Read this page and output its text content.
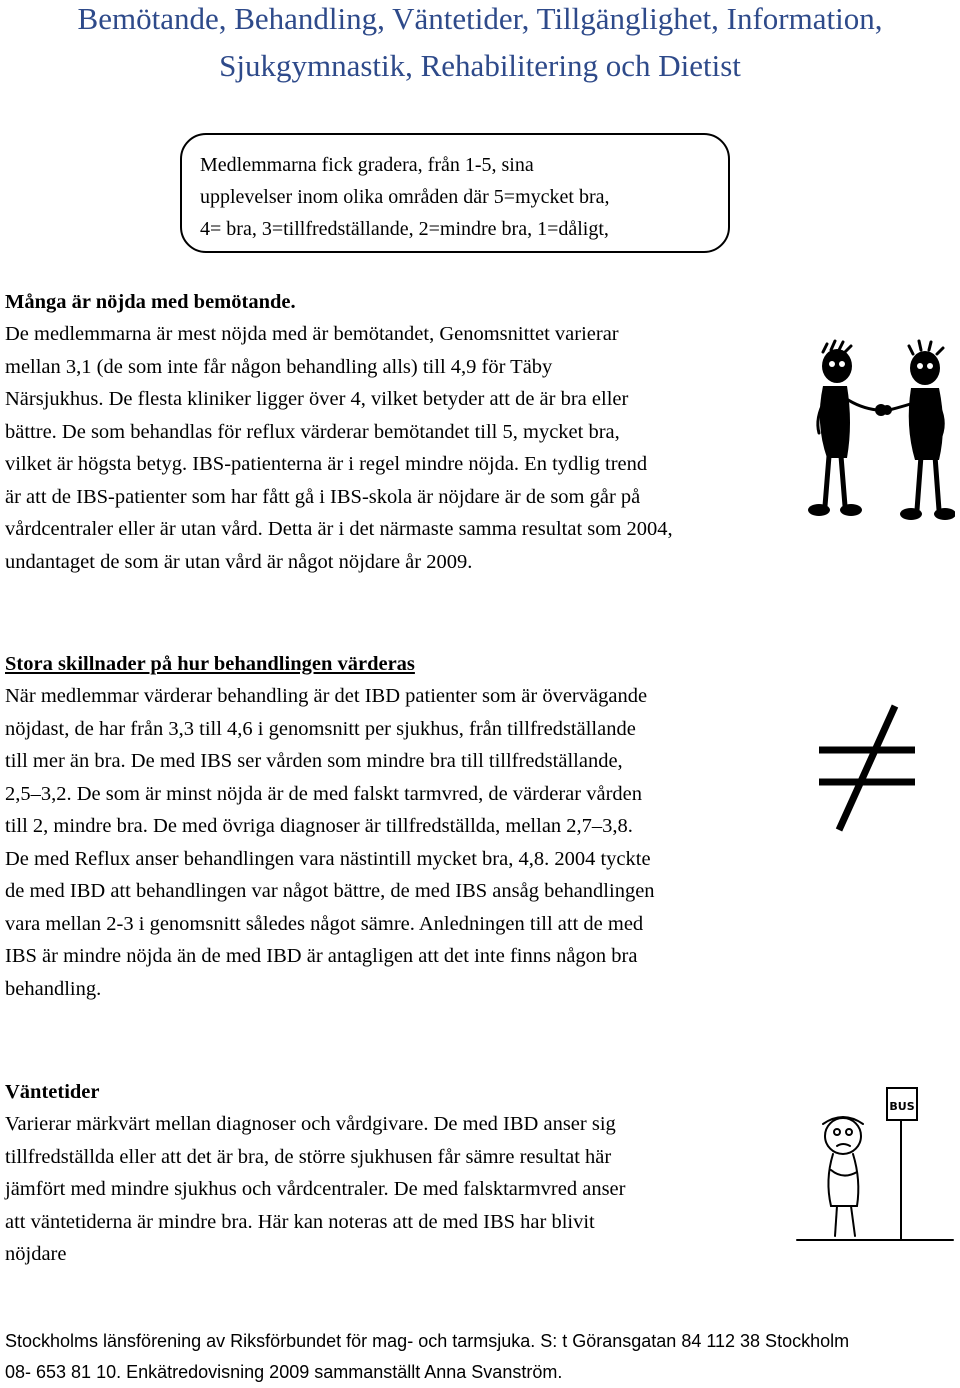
Bemötande, Behandling, Väntetider, Tillgänglighet, Information,
Sjukgymnastik, Rehabilitering och Dietist

Medlemmarna fick gradera, från 1-5, sina

upplevelser inom olika områden där 5=mycket bra,

4= bra, 3=tillfredställande, 2=mindre bra, 1=dåligt,

Många är nöjda med bemötande.

De medlemmarna är mest nöjda med är bemötandet, Genomsnittet varierar

mellan 3,1 (de som inte får någon behandling alls) till 4,9 för Täby

Närsjukhus. De flesta kliniker ligger över 4, vilket betyder att de är bra eller

bättre. De som behandlas för reflux värderar bemötandet till 5, mycket bra,

vilket är högsta betyg. IBS-patienterna är i regel mindre nöjda. En tydlig trend

är att de IBS-patienter som har fått gå i IBS-skola är nöjdare är de som går på

vårdcentraler eller är utan vård. Detta är i det närmaste samma resultat som 2004,

undantaget de som är utan vård är något nöjdare år 2009.

Stora skillnader på hur behandlingen värderas

När medlemmar värderar behandling är det IBD patienter som är övervägande

nöjdast, de har från 3,3 till 4,6 i genomsnitt per sjukhus, från tillfredställande

till mer än bra. De med IBS ser vården som mindre bra till tillfredställande,

2,5–3,2. De som är minst nöjda är de med falskt tarmvred, de värderar vården

till 2, mindre bra. De med övriga diagnoser är tillfredställda, mellan 2,7–3,8.

De med Reflux anser behandlingen vara nästintill mycket bra, 4,8. 2004 tyckte

de med IBD att behandlingen var något bättre, de med IBS ansåg behandlingen

vara mellan 2-3 i genomsnitt således något sämre. Anledningen till att de med

IBS är mindre nöjda än de med IBD är antagligen att det inte finns någon bra

behandling.

Väntetider

Varierar märkvärt mellan diagnoser och vårdgivare. De med IBD anser sig

tillfredställda eller att det är bra, de större sjukhusen får sämre resultat här

jämfört med mindre sjukhus och vårdcentraler. De med falsktarmvred anser

att väntetiderna är mindre bra. Här kan noteras att de med IBS har blivit

nöjdare

BUS

Stockholms länsförening av Riksförbundet för mag- och tarmsjuka. S: t Göransgatan 84 112 38 Stockholm

08- 653 81 10. Enkätredovisning 2009 sammanställt Anna Svanström.
